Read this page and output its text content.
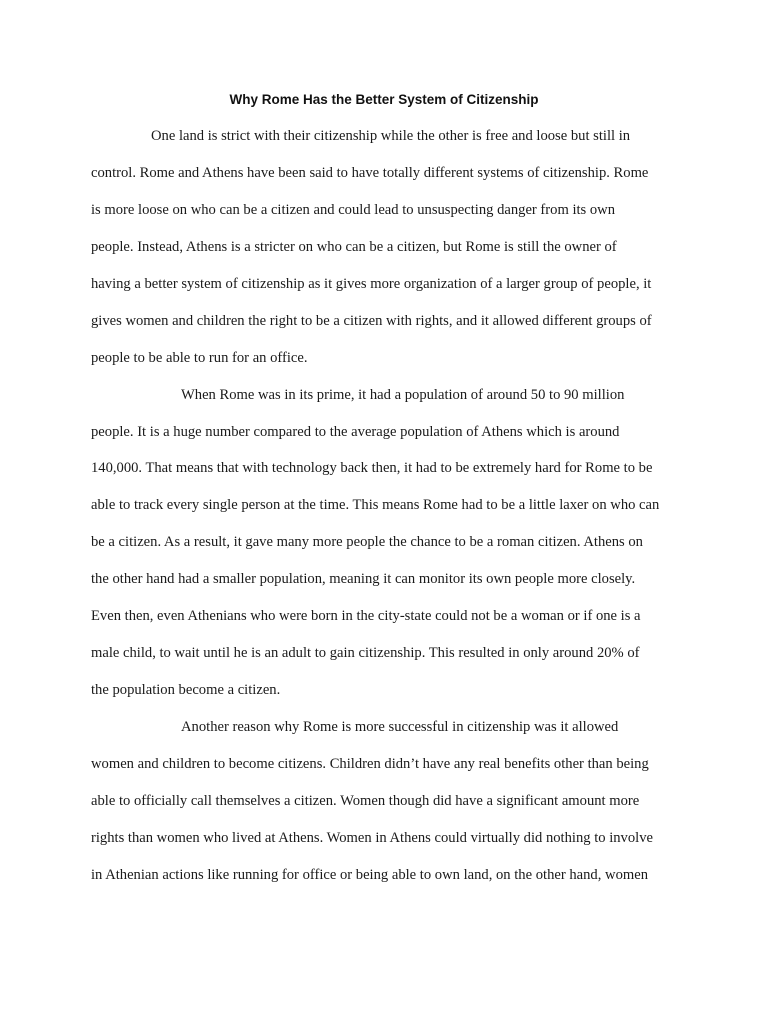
Why Rome Has the Better System of Citizenship
One land is strict with their citizenship while the other is free and loose but still in
control. Rome and Athens have been said to have totally different systems of citizenship. Rome
is more loose on who can be a citizen and could lead to unsuspecting danger from its own
people. Instead, Athens is a stricter on who can be a citizen, but Rome is still the owner of
having a better system of citizenship as it gives more organization of a larger group of people, it
gives women and children the right to be a citizen with rights, and it allowed different groups of
people to be able to run for an office.
When Rome was in its prime, it had a population of around 50 to 90 million
people. It is a huge number compared to the average population of Athens which is around
140,000. That means that with technology back then, it had to be extremely hard for Rome to be
able to track every single person at the time. This means Rome had to be a little laxer on who can
be a citizen. As a result, it gave many more people the chance to be a roman citizen. Athens on
the other hand had a smaller population, meaning it can monitor its own people more closely.
Even then, even Athenians who were born in the city-state could not be a woman or if one is a
male child, to wait until he is an adult to gain citizenship. This resulted in only around 20% of
the population become a citizen.
Another reason why Rome is more successful in citizenship was it allowed
women and children to become citizens. Children didn’t have any real benefits other than being
able to officially call themselves a citizen. Women though did have a significant amount more
rights than women who lived at Athens. Women in Athens could virtually did nothing to involve
in Athenian actions like running for office or being able to own land, on the other hand, women
